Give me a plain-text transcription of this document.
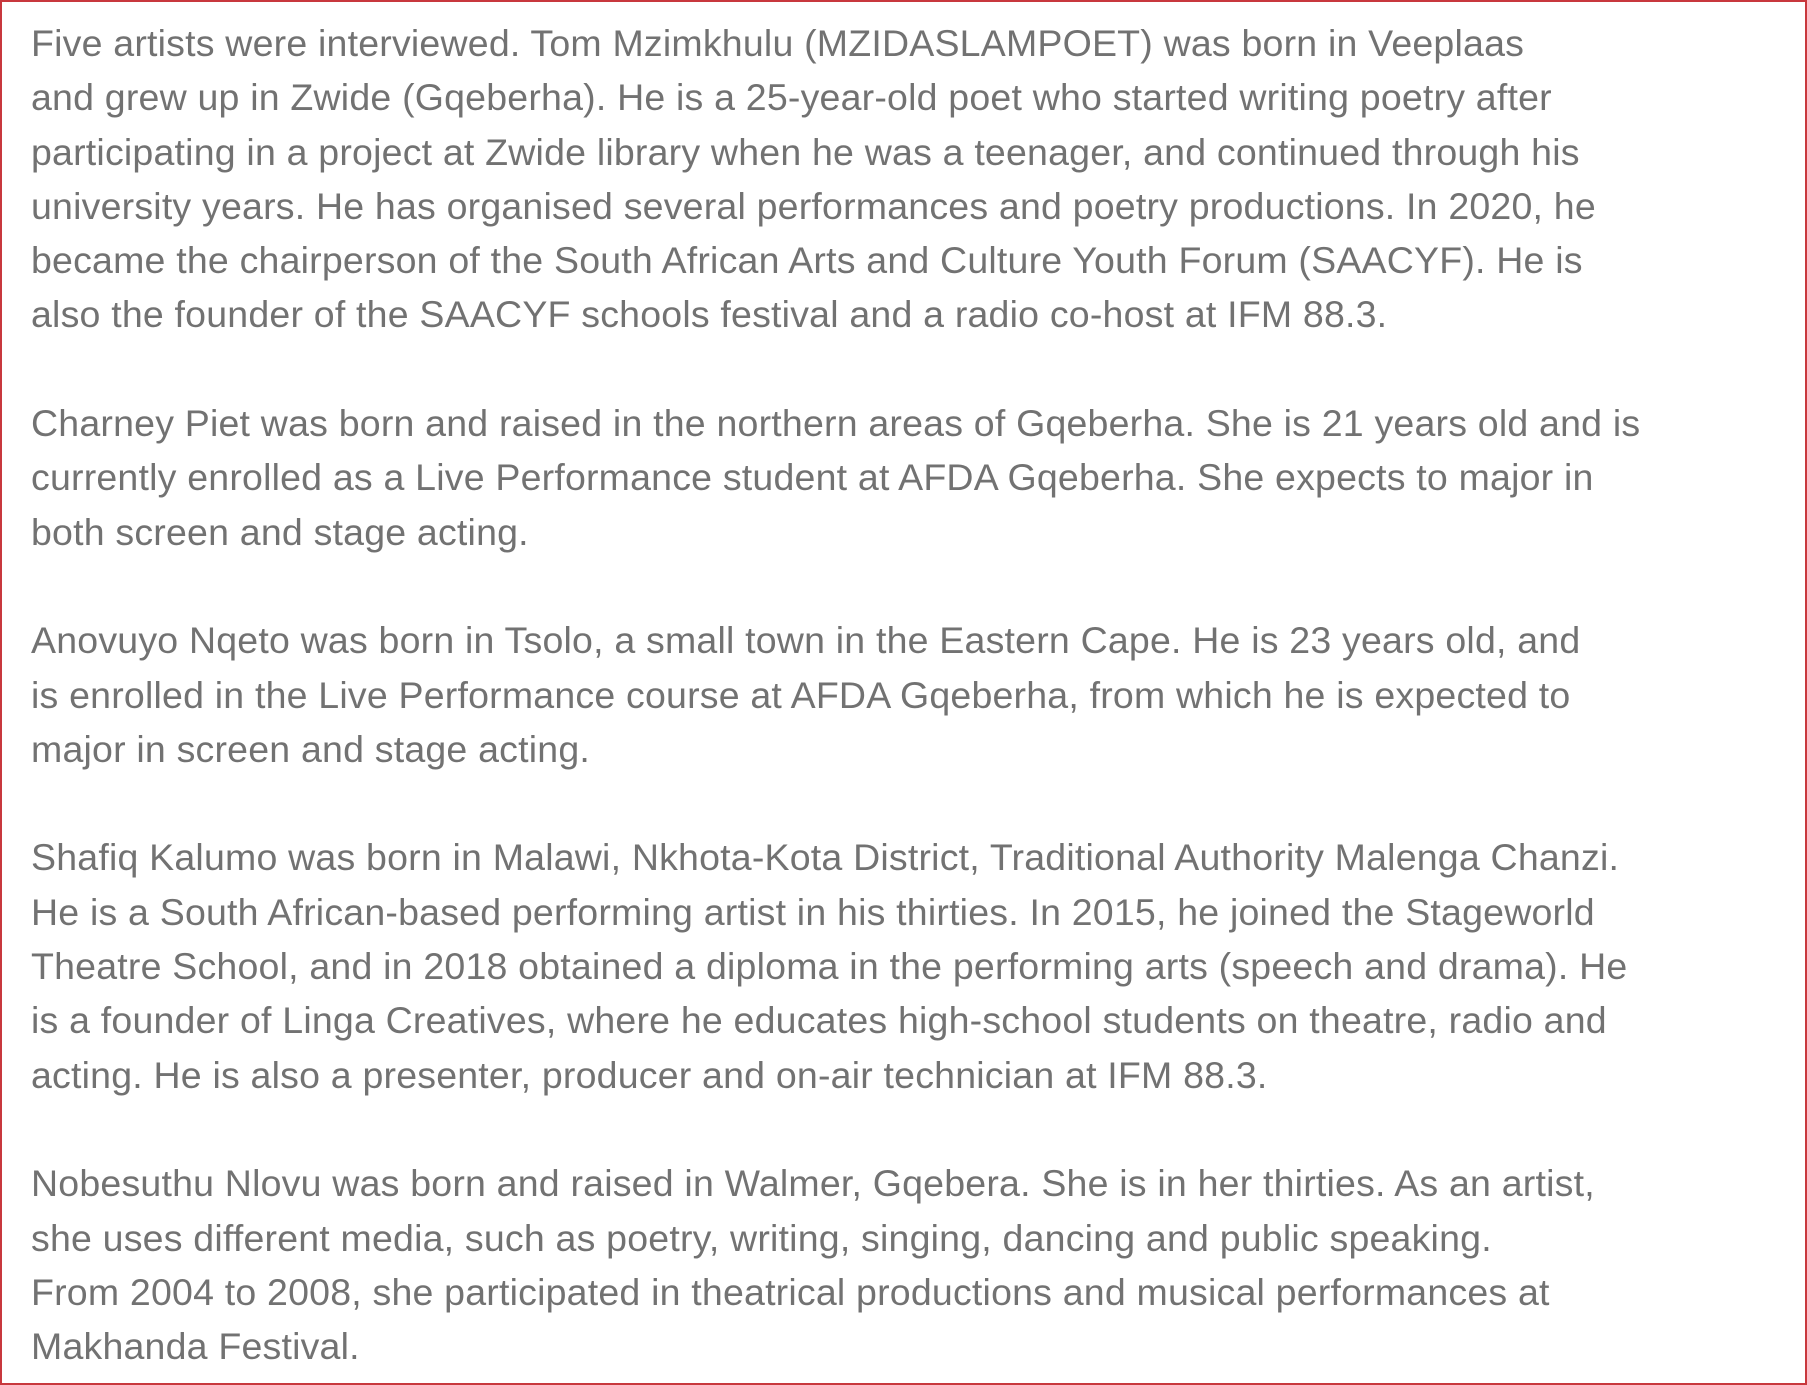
Five artists were interviewed. Tom Mzimkhulu (MZIDASLAMPOET) was born in Veeplaas
and grew up in Zwide (Gqeberha). He is a 25-year-old poet who started writing poetry after
participating in a project at Zwide library when he was a teenager, and continued through his
university years. He has organised several performances and poetry productions. In 2020, he
became the chairperson of the South African Arts and Culture Youth Forum (SAACYF). He is
also the founder of the SAACYF schools festival and a radio co-host at IFM 88.3.

Charney Piet was born and raised in the northern areas of Gqeberha. She is 21 years old and is
currently enrolled as a Live Performance student at AFDA Gqeberha. She expects to major in
both screen and stage acting.

Anovuyo Nqeto was born in Tsolo, a small town in the Eastern Cape. He is 23 years old, and
is enrolled in the Live Performance course at AFDA Gqeberha, from which he is expected to
major in screen and stage acting.

Shafiq Kalumo was born in Malawi, Nkhota-Kota District, Traditional Authority Malenga Chanzi.
He is a South African-based performing artist in his thirties. In 2015, he joined the Stageworld
Theatre School, and in 2018 obtained a diploma in the performing arts (speech and drama). He
is a founder of Linga Creatives, where he educates high-school students on theatre, radio and
acting. He is also a presenter, producer and on-air technician at IFM 88.3.

Nobesuthu Nlovu was born and raised in Walmer, Gqebera. She is in her thirties. As an artist,
she uses different media, such as poetry, writing, singing, dancing and public speaking.
From 2004 to 2008, she participated in theatrical productions and musical performances at
Makhanda Festival.
